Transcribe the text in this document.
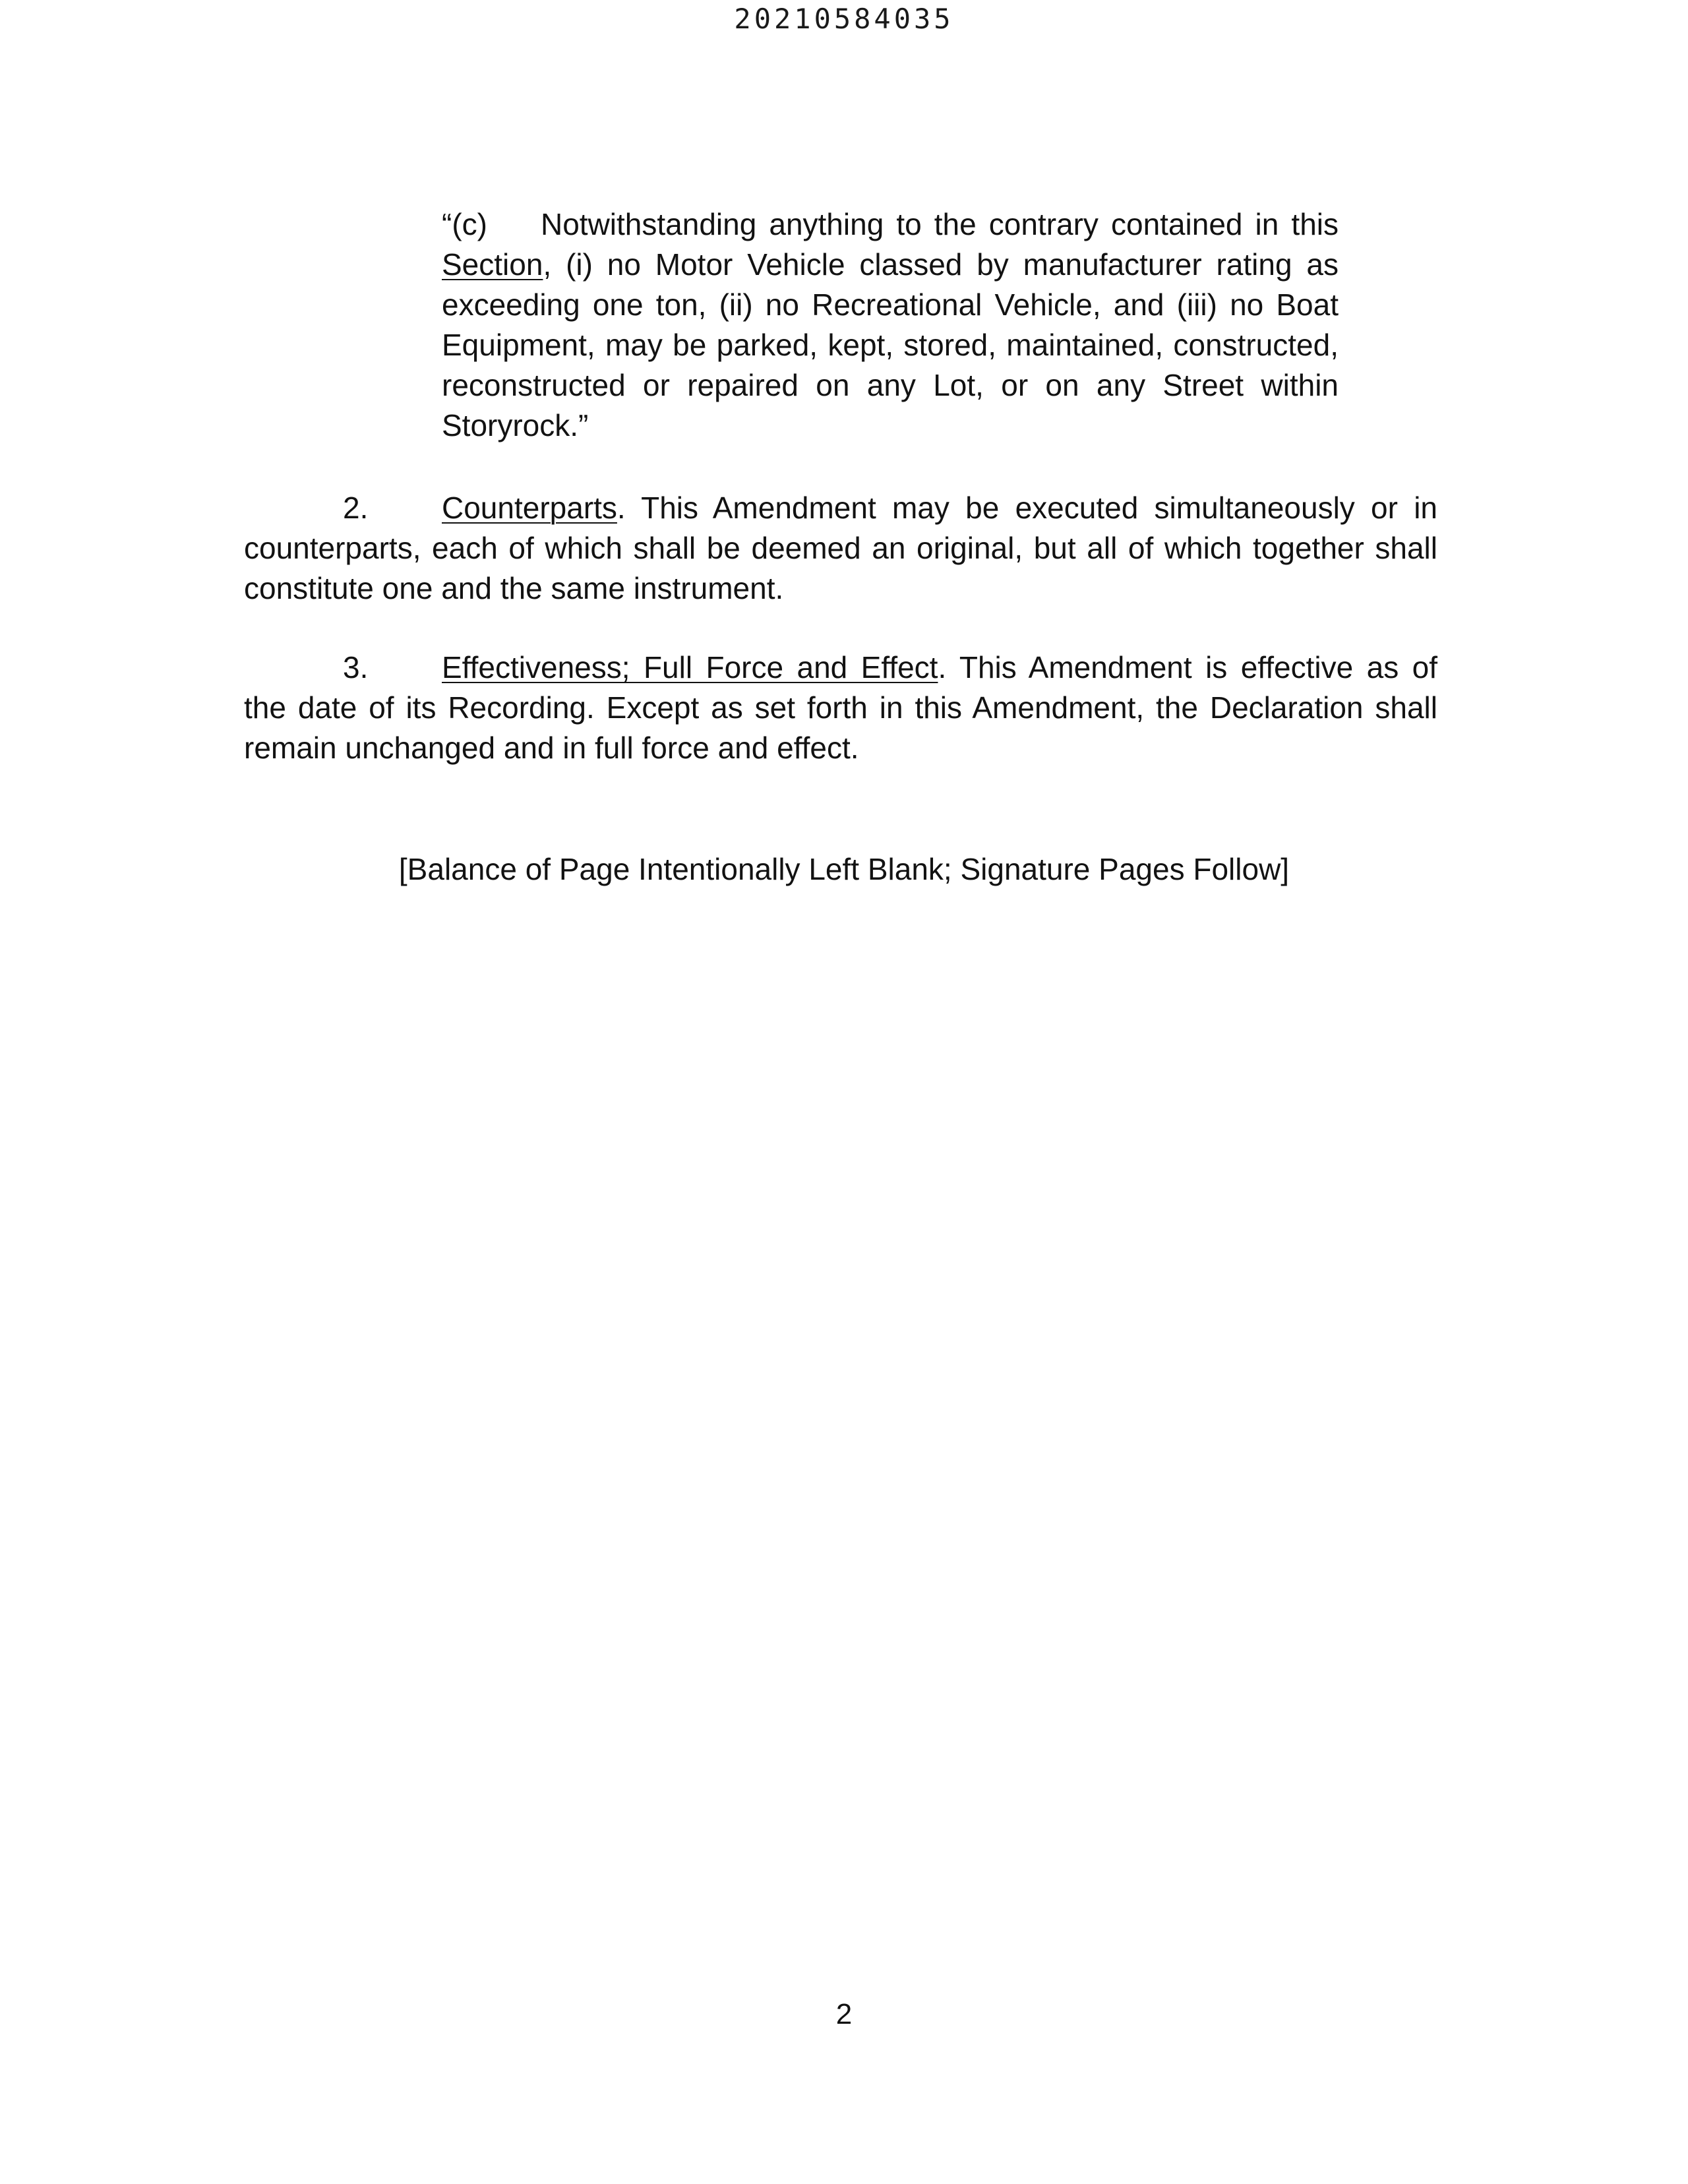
20210584035
“(c) Notwithstanding anything to the contrary contained in this Section, (i) no Motor Vehicle classed by manufacturer rating as exceeding one ton, (ii) no Recreational Vehicle, and (iii) no Boat Equipment, may be parked, kept, stored, maintained, constructed, reconstructed or repaired on any Lot, or on any Street within Storyrock.”
2. Counterparts. This Amendment may be executed simultaneously or in counterparts, each of which shall be deemed an original, but all of which together shall constitute one and the same instrument.
3. Effectiveness; Full Force and Effect. This Amendment is effective as of the date of its Recording. Except as set forth in this Amendment, the Declaration shall remain unchanged and in full force and effect.
[Balance of Page Intentionally Left Blank; Signature Pages Follow]
2
